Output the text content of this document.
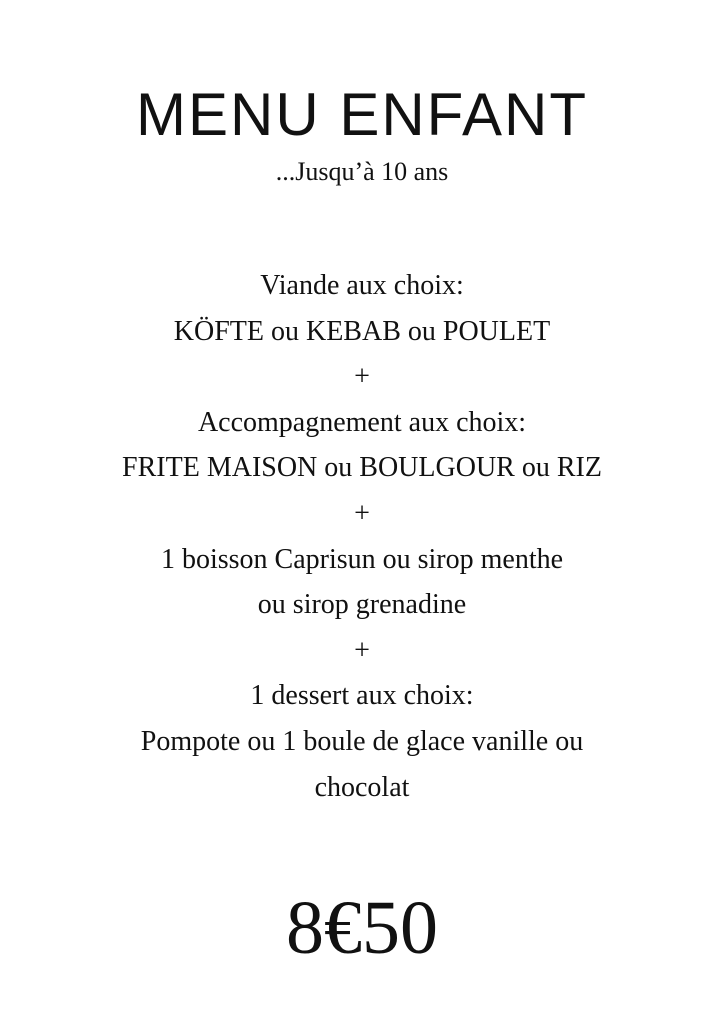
MENU ENFANT

...Jusqu’à 10 ans

Viande aux choix:
KÖFTE ou KEBAB ou POULET
+
Accompagnement aux choix:
FRITE MAISON ou BOULGOUR ou RIZ
+
1 boisson Caprisun ou sirop menthe
ou sirop grenadine
+
1 dessert aux choix:
Pompote ou 1 boule de glace vanille ou
chocolat

8€50
